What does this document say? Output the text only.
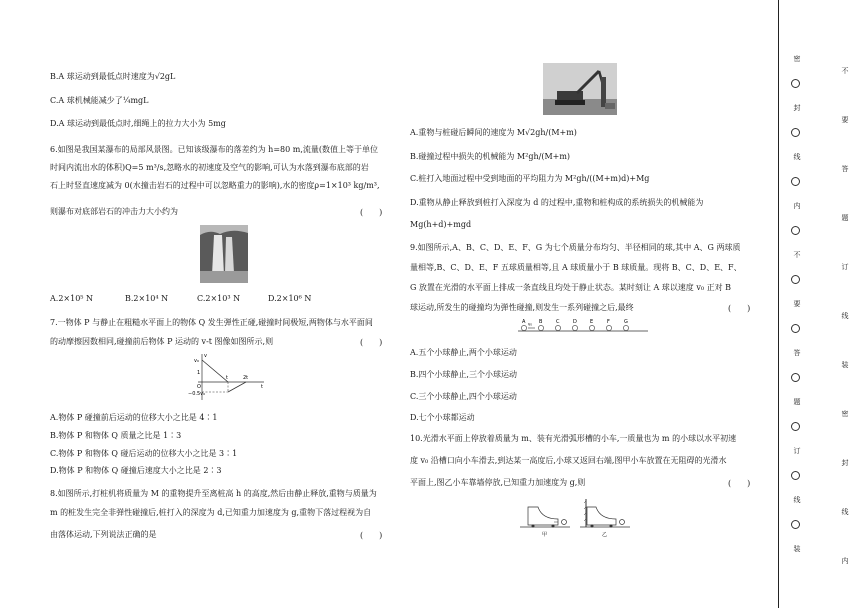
B.A 球运动到最低点时速度为√2gL
C.A 球机械能减少了¼mgL
D.A 球运动到最低点时,细绳上的拉力大小为 5mg
6.如图是我国某瀑布的局部风景图。已知该级瀑布的落差约为 h=80 m,流量(数值上等于单位
时间内流出水的体积)Q=5 m³/s,忽略水的初速度及空气的影响,可认为水落到瀑布底部的岩
石上时竖直速度减为 0(水撞击岩石的过程中可以忽略重力的影响),水的密度ρ=1×10³ kg/m³,
则瀑布对底部岩石的冲击力大小约为	(　　)
A.2×10⁵ N	B.2×10⁴ N	C.2×10³ N	D.2×10⁶ N
7.一物体 P 与静止在粗糙水平面上的物体 Q 发生弹性正碰,碰撞时间极短,两物体与水平面间
的动摩擦因数相同,碰撞前后物体 P 运动的 v-t 图像如图所示,则	(　　)
v
t
v₀
1
−0.5v₀
O
t	2t
A.物体 P 碰撞前后运动的位移大小之比是 4∶1
B.物体 P 和物体 Q 质量之比是 1∶3
C.物体 P 和物体 Q 碰后运动的位移大小之比是 3∶1
D.物体 P 和物体 Q 碰撞后速度大小之比是 2∶3
8.如图所示,打桩机将质量为 M 的重物提升至离桩高 h 的高度,然后由静止释放,重物与质量为
m 的桩发生完全非弹性碰撞后,桩打入的深度为 d,已知重力加速度为 g,重物下落过程视为自
由落体运动,下列说法正确的是	(　　)
A.重物与桩碰后瞬间的速度为 M√2gh/(M+m)
B.碰撞过程中损失的机械能为 M²gh/(M+m)
C.桩打入地面过程中受到地面的平均阻力为 M²gh/((M+m)d)+Mg
D.重物从静止释放到桩打入深度为 d 的过程中,重物和桩构成的系统损失的机械能为
Mg(h+d)+mgd
9.如图所示,A、B、C、D、E、F、G 为七个质量分布均匀、半径相同的球,其中 A、G 两球质
量相等,B、C、D、E、F 五球质量相等,且 A 球质量小于 B 球质量。现将 B、C、D、E、F、
G 放置在光滑的水平面上排成一条直线且均处于静止状态。某时刻让 A 球以速度 v₀ 正对 B
球运动,所发生的碰撞均为弹性碰撞,则发生一系列碰撞之后,最终	(　　)
A	B	C	D	E	F	G
v₀
A.五个小球静止,两个小球运动
B.四个小球静止,三个小球运动
C.三个小球静止,四个小球运动
D.七个小球都运动
10.光滑水平面上停放着质量为 m、装有光滑弧形槽的小车,一质量也为 m 的小球以水平初速
度 v₀ 沿槽口向小车滑去,到达某一高度后,小球又返回右端,图甲小车放置在无阻碍的光滑水
平面上,图乙小车靠墙停放,已知重力加速度为 g,则	(　　)
甲	乙
密
不
封
要
线
答
内
题
不
订
要
线
答
装
题
密
订
封
线
线
装
内
